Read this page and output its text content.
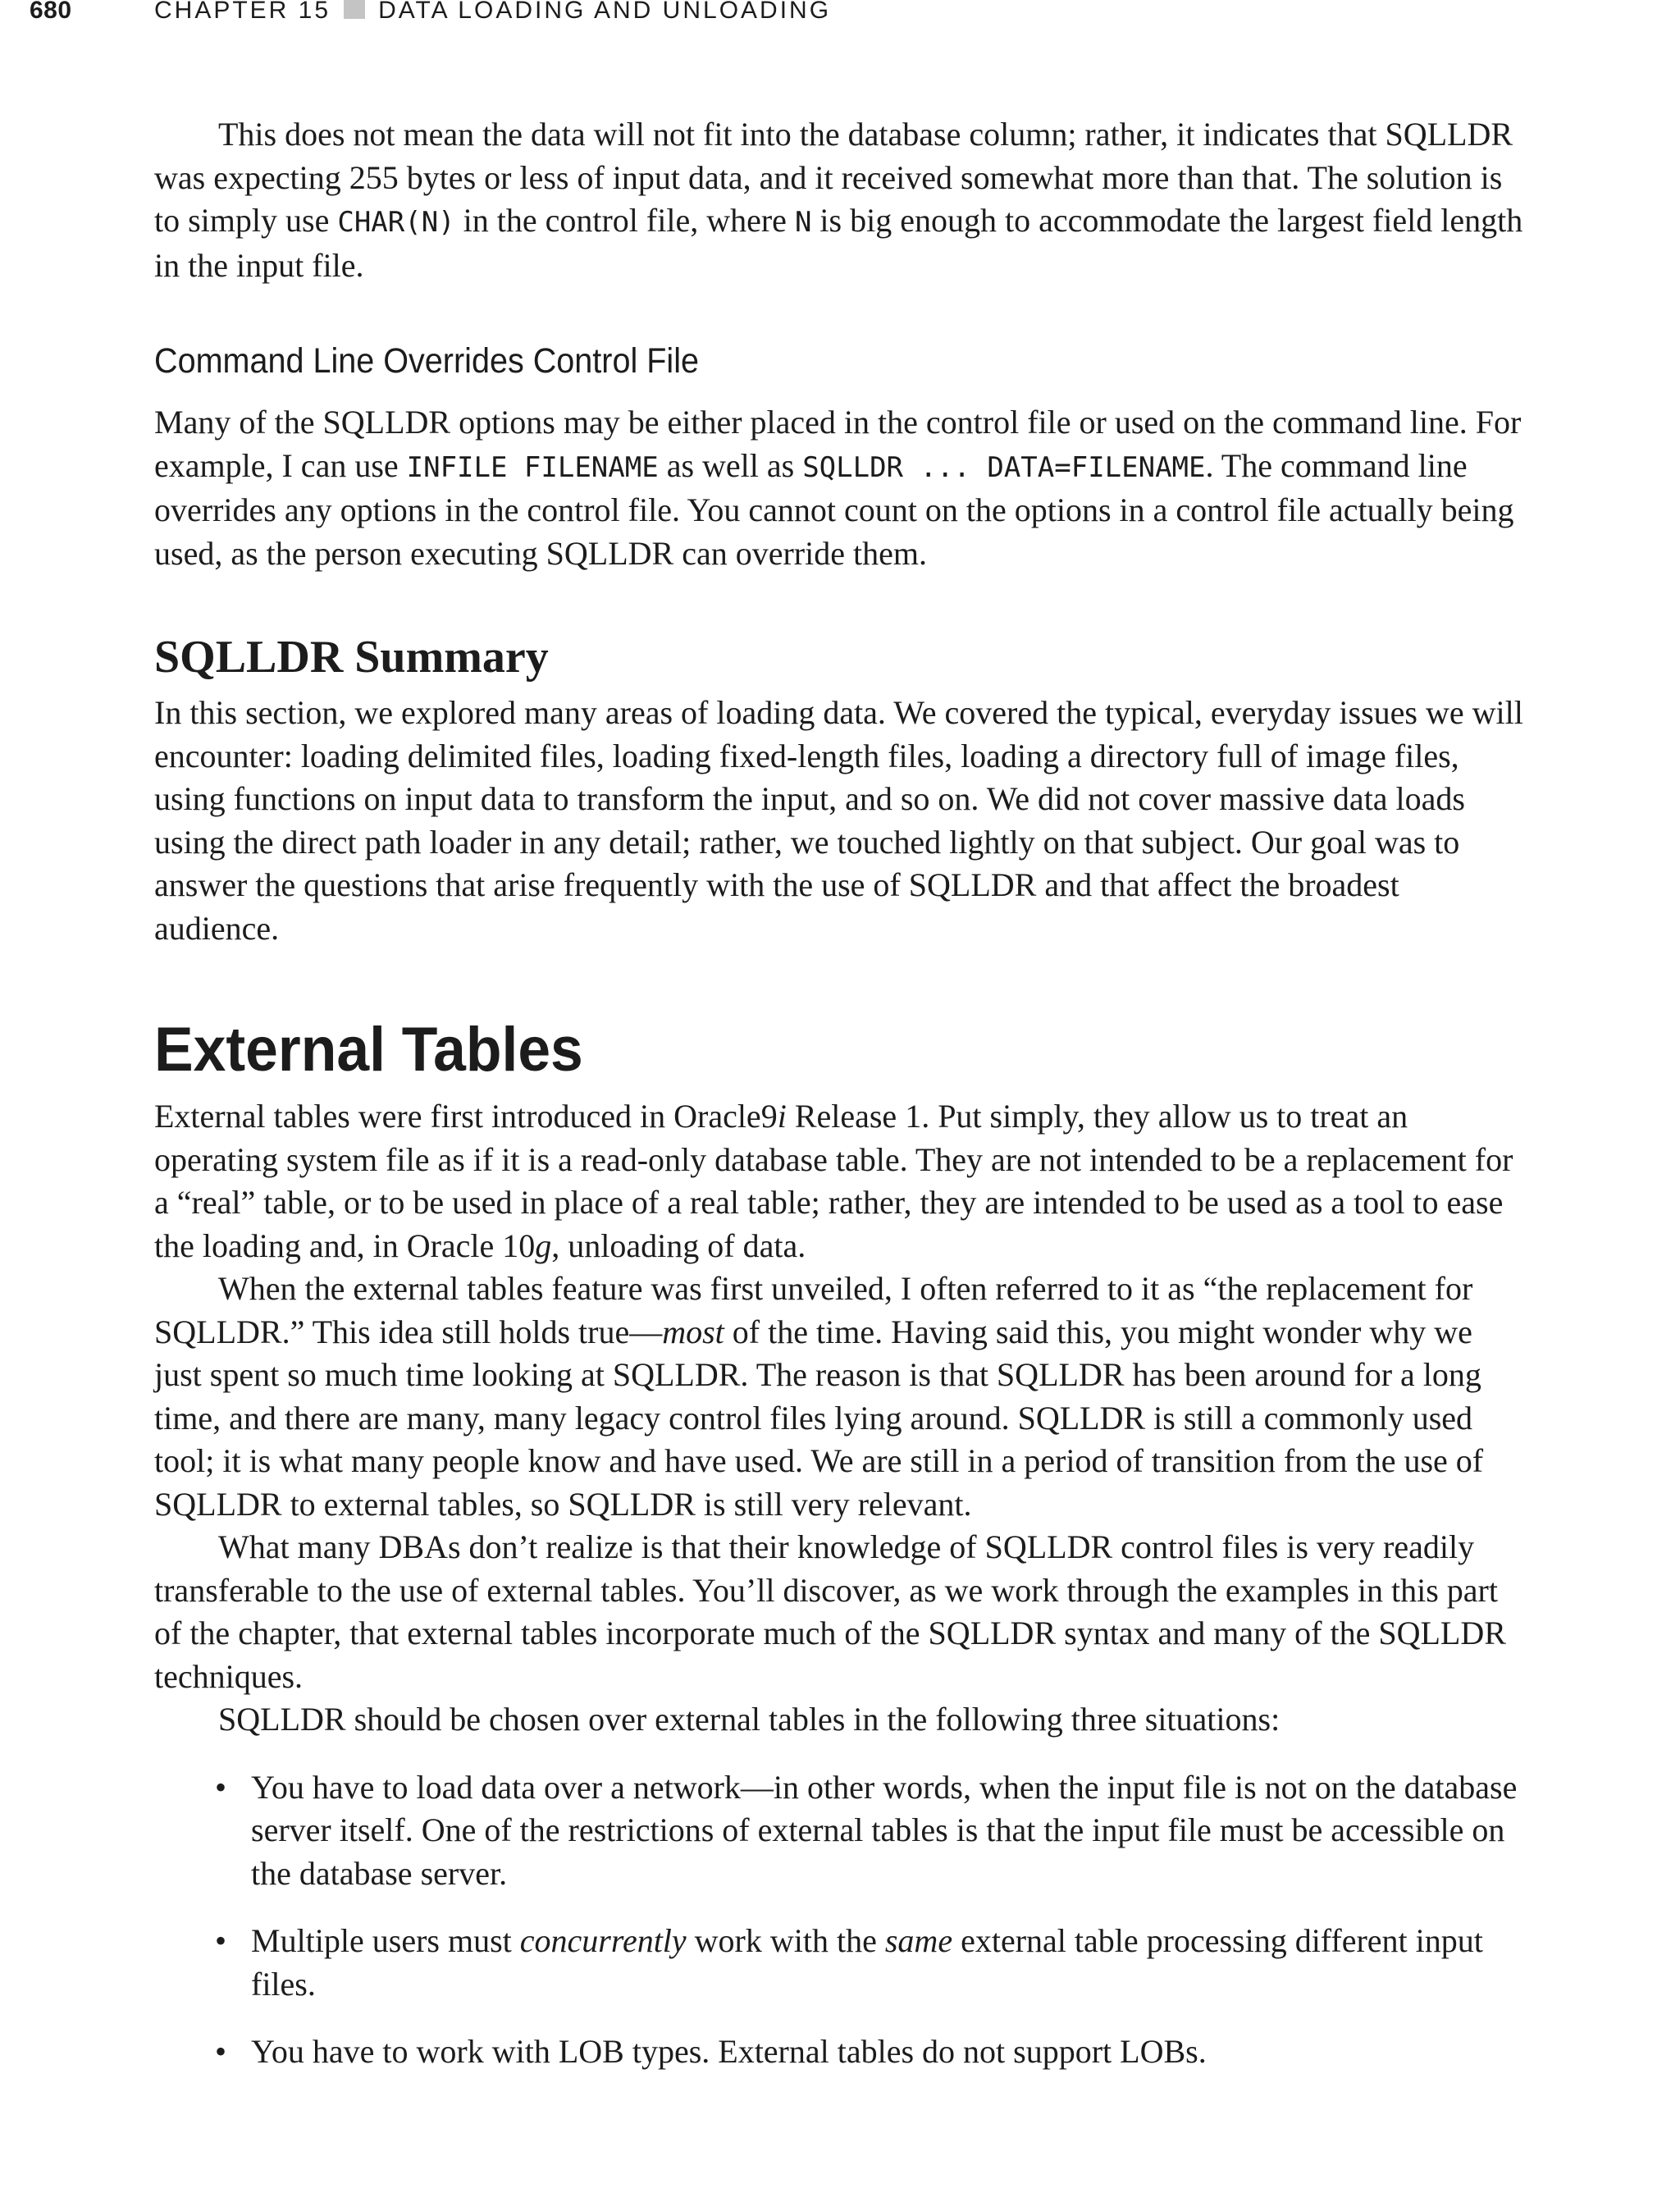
680	CHAPTER 15 DATA LOADING AND UNLOADING

This does not mean the data will not fit into the database column; rather, it indicates that SQLLDR was expecting 255 bytes or less of input data, and it received somewhat more than that. The solution is to simply use CHAR(N) in the control file, where N is big enough to accommodate the largest field length in the input file.

Command Line Overrides Control File

Many of the SQLLDR options may be either placed in the control file or used on the command line. For example, I can use INFILE FILENAME as well as SQLLDR ... DATA=FILENAME. The command line overrides any options in the control file. You cannot count on the options in a control file actually being used, as the person executing SQLLDR can override them.

SQLLDR Summary

In this section, we explored many areas of loading data. We covered the typical, everyday issues we will encounter: loading delimited files, loading fixed-length files, loading a directory full of image files, using functions on input data to transform the input, and so on. We did not cover massive data loads using the direct path loader in any detail; rather, we touched lightly on that subject. Our goal was to answer the questions that arise frequently with the use of SQLLDR and that affect the broadest audience.

External Tables

External tables were first introduced in Oracle9i Release 1. Put simply, they allow us to treat an operating system file as if it is a read-only database table. They are not intended to be a replacement for a “real” table, or to be used in place of a real table; rather, they are intended to be used as a tool to ease the loading and, in Oracle 10g, unloading of data.

When the external tables feature was first unveiled, I often referred to it as “the replacement for SQLLDR.” This idea still holds true—most of the time. Having said this, you might wonder why we just spent so much time looking at SQLLDR. The reason is that SQLLDR has been around for a long time, and there are many, many legacy control files lying around. SQLLDR is still a commonly used tool; it is what many people know and have used. We are still in a period of transition from the use of SQLLDR to external tables, so SQLLDR is still very relevant.

What many DBAs don’t realize is that their knowledge of SQLLDR control files is very readily transferable to the use of external tables. You’ll discover, as we work through the examples in this part of the chapter, that external tables incorporate much of the SQLLDR syntax and many of the SQLLDR techniques.

SQLLDR should be chosen over external tables in the following three situations:

• You have to load data over a network—in other words, when the input file is not on the database server itself. One of the restrictions of external tables is that the input file must be accessible on the database server.
• Multiple users must concurrently work with the same external table processing different input files.
• You have to work with LOB types. External tables do not support LOBs.
